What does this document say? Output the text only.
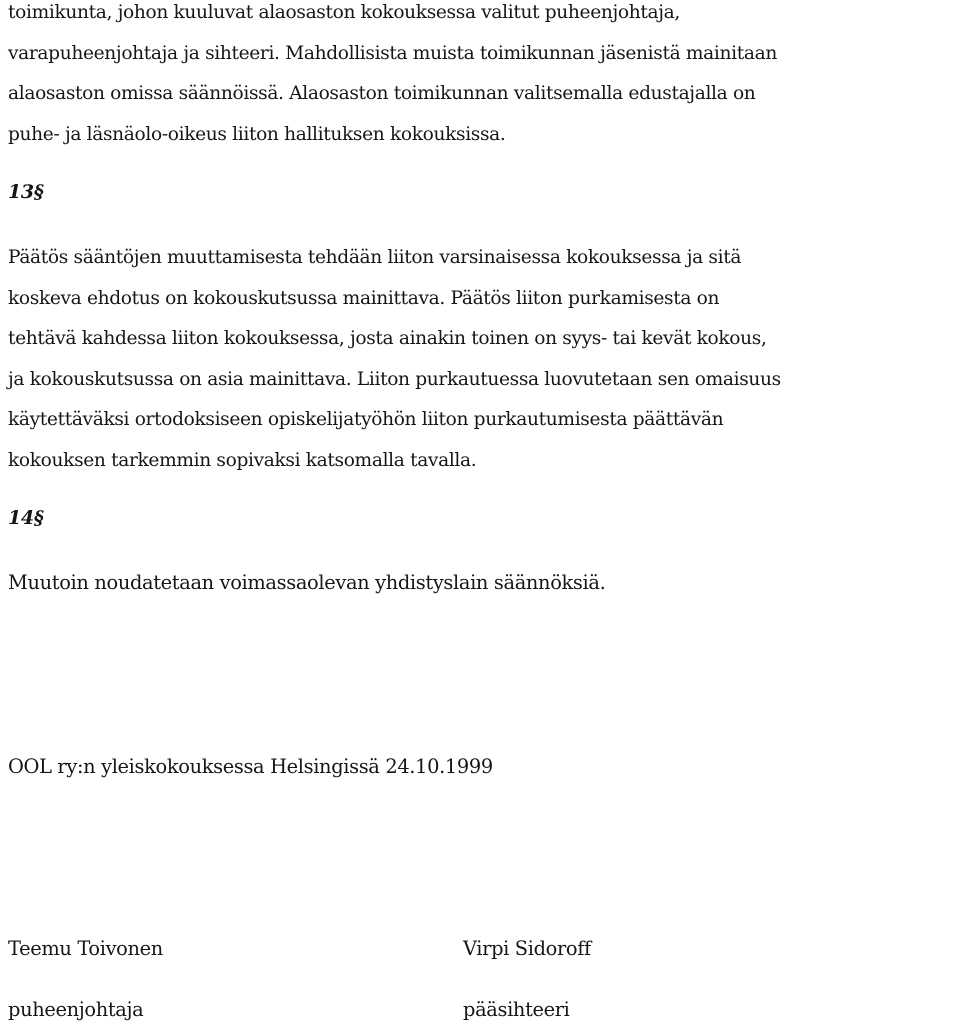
toimikunta, johon kuuluvat alaosaston kokouksessa valitut puheenjohtaja,
varapuheenjohtaja ja sihteeri. Mahdollisista muista toimikunnan jäsenistä mainitaan
alaosaston omissa säännöissä. Alaosaston toimikunnan valitsemalla edustajalla on
puhe- ja läsnäolo-oikeus liiton hallituksen kokouksissa.
13§
Päätös sääntöjen muuttamisesta tehdään liiton varsinaisessa kokouksessa ja sitä
koskeva ehdotus on kokouskutsussa mainittava. Päätös liiton purkamisesta on
tehtävä kahdessa liiton kokouksessa, josta ainakin toinen on syys- tai kevät kokous,
ja kokouskutsussa on asia mainittava. Liiton purkautuessa luovutetaan sen omaisuus
käytettäväksi ortodoksiseen opiskelijatyöhön liiton purkautumisesta päättävän
kokouksen tarkemmin sopivaksi katsomalla tavalla.
14§
Muutoin noudatetaan voimassaolevan yhdistyslain säännöksiä.
OOL ry:n yleiskokouksessa Helsingissä 24.10.1999
Teemu Toivonen	Virpi Sidoroff
puheenjohtaja	pääsihteeri
